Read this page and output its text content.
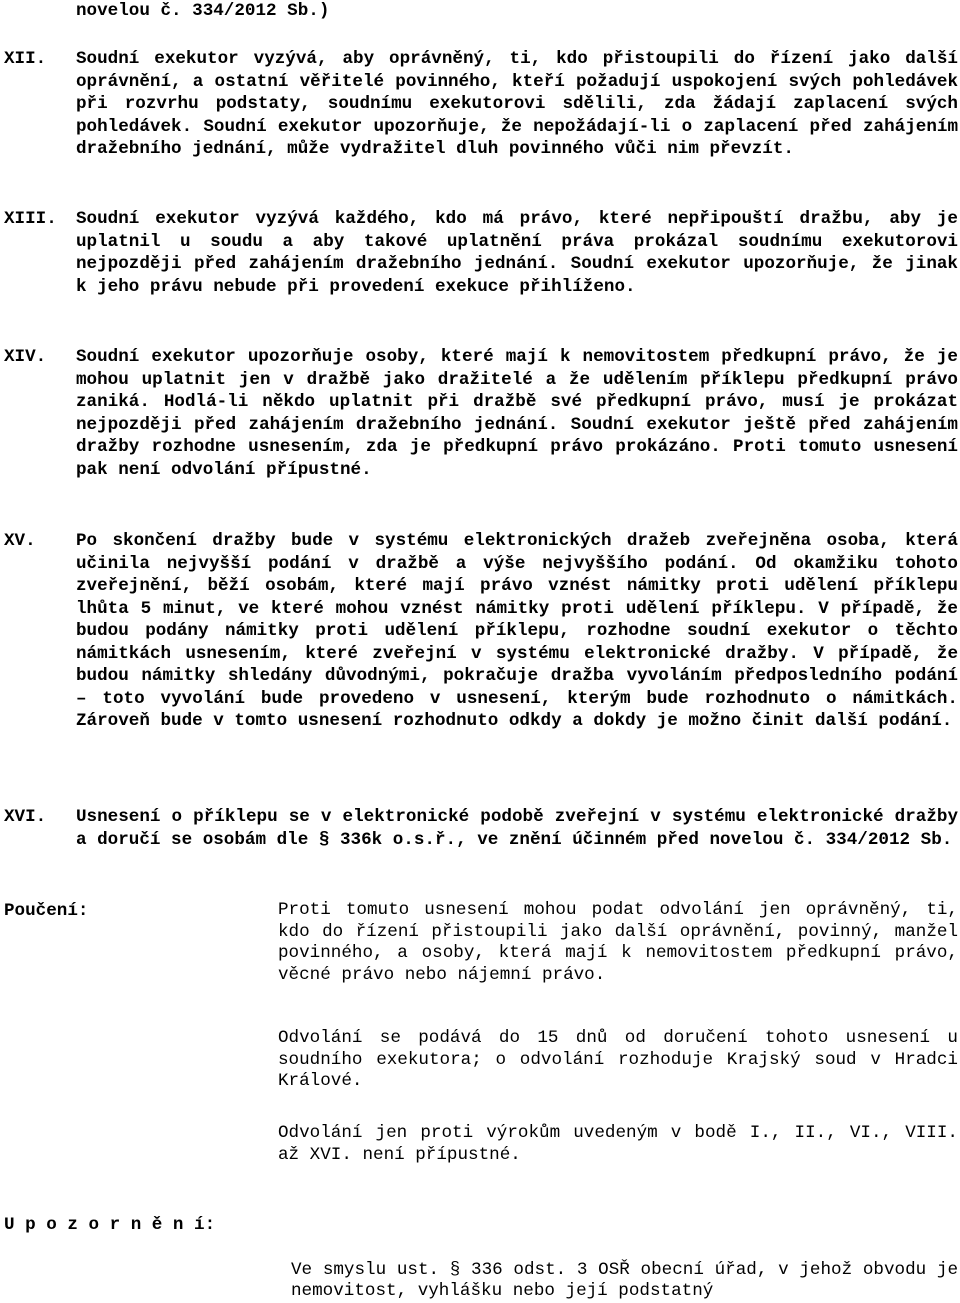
novelou č. 334/2012 Sb.)
XII. Soudní exekutor vyzývá, aby oprávněný, ti, kdo přistoupili do řízení jako další oprávnění, a ostatní věřitelé povinného, kteří požadují uspokojení svých pohledávek při rozvrhu podstaty, soudnímu exekutorovi sdělili, zda žádají zaplacení svých pohledávek. Soudní exekutor upozorňuje, že nepožádají-li o zaplacení před zahájením dražebního jednání, může vydražitel dluh povinného vůči nim převzít.
XIII. Soudní exekutor vyzývá každého, kdo má právo, které nepřipouští dražbu, aby je uplatnil u soudu a aby takové uplatnění práva prokázal soudnímu exekutorovi nejpozději před zahájením dražebního jednání. Soudní exekutor upozorňuje, že jinak k jeho právu nebude při provedení exekuce přihlíženo.
XIV. Soudní exekutor upozorňuje osoby, které mají k nemovitostem předkupní právo, že je mohou uplatnit jen v dražbě jako dražitelé a že udělením příklepu předkupní právo zaniká. Hodlá-li někdo uplatnit při dražbě své předkupní právo, musí je prokázat nejpozději před zahájením dražebního jednání. Soudní exekutor ještě před zahájením dražby rozhodne usnesením, zda je předkupní právo prokázáno. Proti tomuto usnesení pak není odvolání přípustné.
XV. Po skončení dražby bude v systému elektronických dražeb zveřejněna osoba, která učinila nejvyšší podání v dražbě a výše nejvyššího podání. Od okamžiku tohoto zveřejnění, běží osobám, které mají právo vznést námitky proti udělení příklepu lhůta 5 minut, ve které mohou vznést námitky proti udělení příklepu. V případě, že budou podány námitky proti udělení příklepu, rozhodne soudní exekutor o těchto námitkách usnesením, které zveřejní v systému elektronické dražby. V případě, že budou námitky shledány důvodnými, pokračuje dražba vyvoláním předposledního podání – toto vyvolání bude provedeno v usnesení, kterým bude rozhodnuto o námitkách. Zároveň bude v tomto usnesení rozhodnuto odkdy a dokdy je možno činit další podání.
XVI. Usnesení o příklepu se v elektronické podobě zveřejní v systému elektronické dražby a doručí se osobám dle § 336k o.s.ř., ve znění účinném před novelou č. 334/2012 Sb.
Poučení:	Proti tomuto usnesení mohou podat odvolání jen oprávněný, ti, kdo do řízení přistoupili jako další oprávnění, povinný, manžel povinného, a osoby, která mají k nemovitostem předkupní právo, věcné právo nebo nájemní právo.
Odvolání se podává do 15 dnů od doručení tohoto usnesení u soudního exekutora; o odvolání rozhoduje Krajský soud v Hradci Králové.
Odvolání jen proti výrokům uvedeným v bodě I., II., VI., VIII. až XVI. není přípustné.
U p o z o r n ě n í:
Ve smyslu ust. § 336 odst. 3 OSŘ obecní úřad, v jehož obvodu je nemovitost, vyhlášku nebo její podstatný
